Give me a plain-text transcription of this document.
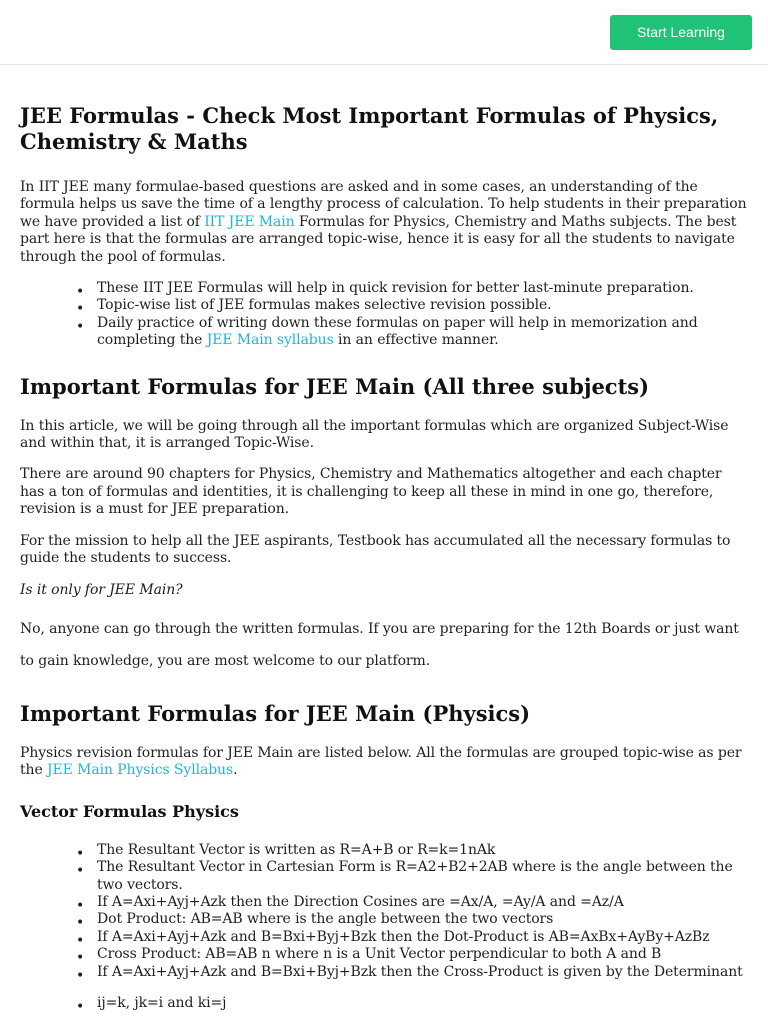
Start Learning
JEE Formulas - Check Most Important Formulas of Physics, Chemistry & Maths

In IIT JEE many formulae-based questions are asked and in some cases, an understanding of the formula helps us save the time of a lengthy process of calculation. To help students in their preparation we have provided a list of IIT JEE Main Formulas for Physics, Chemistry and Maths subjects. The best part here is that the formulas are arranged topic-wise, hence it is easy for all the students to navigate through the pool of formulas.

• These IIT JEE Formulas will help in quick revision for better last-minute preparation.
• Topic-wise list of JEE formulas makes selective revision possible.
• Daily practice of writing down these formulas on paper will help in memorization and completing the JEE Main syllabus in an effective manner.
Important Formulas for JEE Main (All three subjects)

In this article, we will be going through all the important formulas which are organized Subject-Wise and within that, it is arranged Topic-Wise.

There are around 90 chapters for Physics, Chemistry and Mathematics altogether and each chapter has a ton of formulas and identities, it is challenging to keep all these in mind in one go, therefore, revision is a must for JEE preparation.

For the mission to help all the JEE aspirants, Testbook has accumulated all the necessary formulas to guide the students to success.

Is it only for JEE Main?

No, anyone can go through the written formulas. If you are preparing for the 12th Boards or just want to gain knowledge, you are most welcome to our platform.

Important Formulas for JEE Main (Physics)

Physics revision formulas for JEE Main are listed below. All the formulas are grouped topic-wise as per the JEE Main Physics Syllabus.

Vector Formulas Physics
• The Resultant Vector is written as R=A+B or R=k=1nAk
• The Resultant Vector in Cartesian Form is R=A2+B2+2AB where is the angle between the two vectors.
• If A=Axi+Ayj+Azk then the Direction Cosines are =Ax/A, =Ay/A and =Az/A
• Dot Product: AB=AB where is the angle between the two vectors
• If A=Axi+Ayj+Azk and B=Bxi+Byj+Bzk then the Dot-Product is AB=AxBx+AyBy+AzBz
• Cross Product: AB=AB n where n is a Unit Vector perpendicular to both A and B
• If A=Axi+Ayj+Azk and B=Bxi+Byj+Bzk then the Cross-Product is given by the Determinant
• ij=k, jk=i and ki=j
